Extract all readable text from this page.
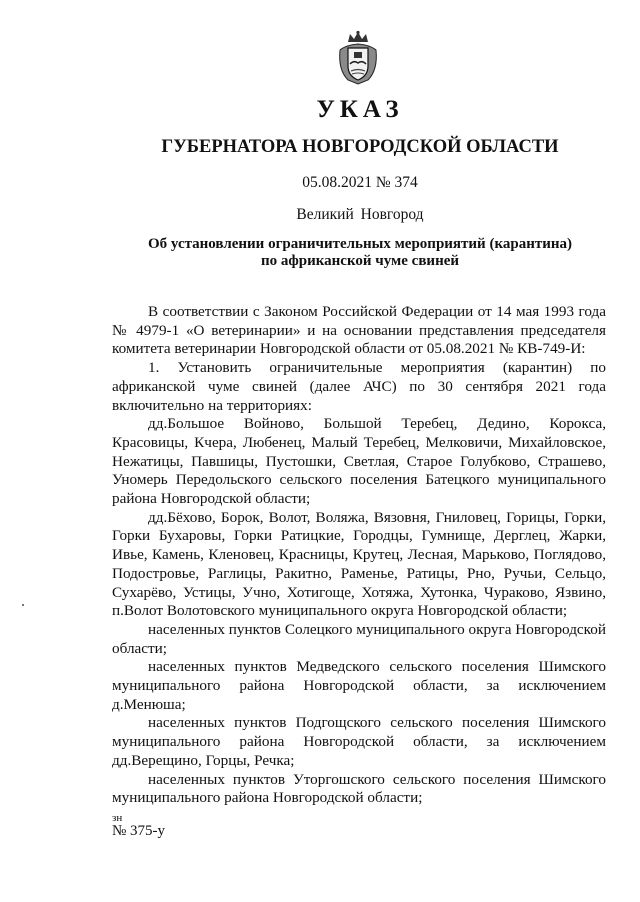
УКАЗ
ГУБЕРНАТОРА НОВГОРОДСКОЙ ОБЛАСТИ
05.08.2021 № 374
Великий Новгород
Об установлении ограничительных мероприятий (карантина)
по африканской чуме свиней

В соответствии с Законом Российской Федерации от 14 мая 1993 года № 4979-1 «О ветеринарии» и на основании представления председателя комитета ветеринарии Новгородской области от 05.08.2021 № КВ-749-И:

1. Установить ограничительные мероприятия (карантин) по африканской чуме свиней (далее АЧС) по 30 сентября 2021 года включительно на территориях:

дд.Большое Войново, Большой Теребец, Дедино, Корокса, Красовицы, Кчера, Любенец, Малый Теребец, Мелковичи, Михайловское, Нежатицы, Павшицы, Пустошки, Светлая, Старое Голубково, Страшево, Уномерь Передольского сельского поселения Батецкого муниципального района Новгородской области;

дд.Бёхово, Борок, Волот, Воляжа, Вязовня, Гниловец, Горицы, Горки, Горки Бухаровы, Горки Ратицкие, Городцы, Гумнище, Дерглец, Жарки, Ивье, Камень, Кленовец, Красницы, Крутец, Лесная, Марьково, Поглядово, Подостровье, Раглицы, Ракитно, Раменье, Ратицы, Рно, Ручьи, Сельцо, Сухарёво, Устицы, Учно, Хотигоще, Хотяжа, Хутонка, Чураково, Язвино, п.Волот Волотовского муниципального округа Новгородской области;

населенных пунктов Солецкого муниципального округа Новгородской области;

населенных пунктов Медведского сельского поселения Шимского муниципального района Новгородской области, за исключением д.Менюша;

населенных пунктов Подгощского сельского поселения Шимского муниципального района Новгородской области, за исключением дд.Верещино, Горцы, Речка;

населенных пунктов Уторгошского сельского поселения Шимского муниципального района Новгородской области;

зн
№ 375-у
